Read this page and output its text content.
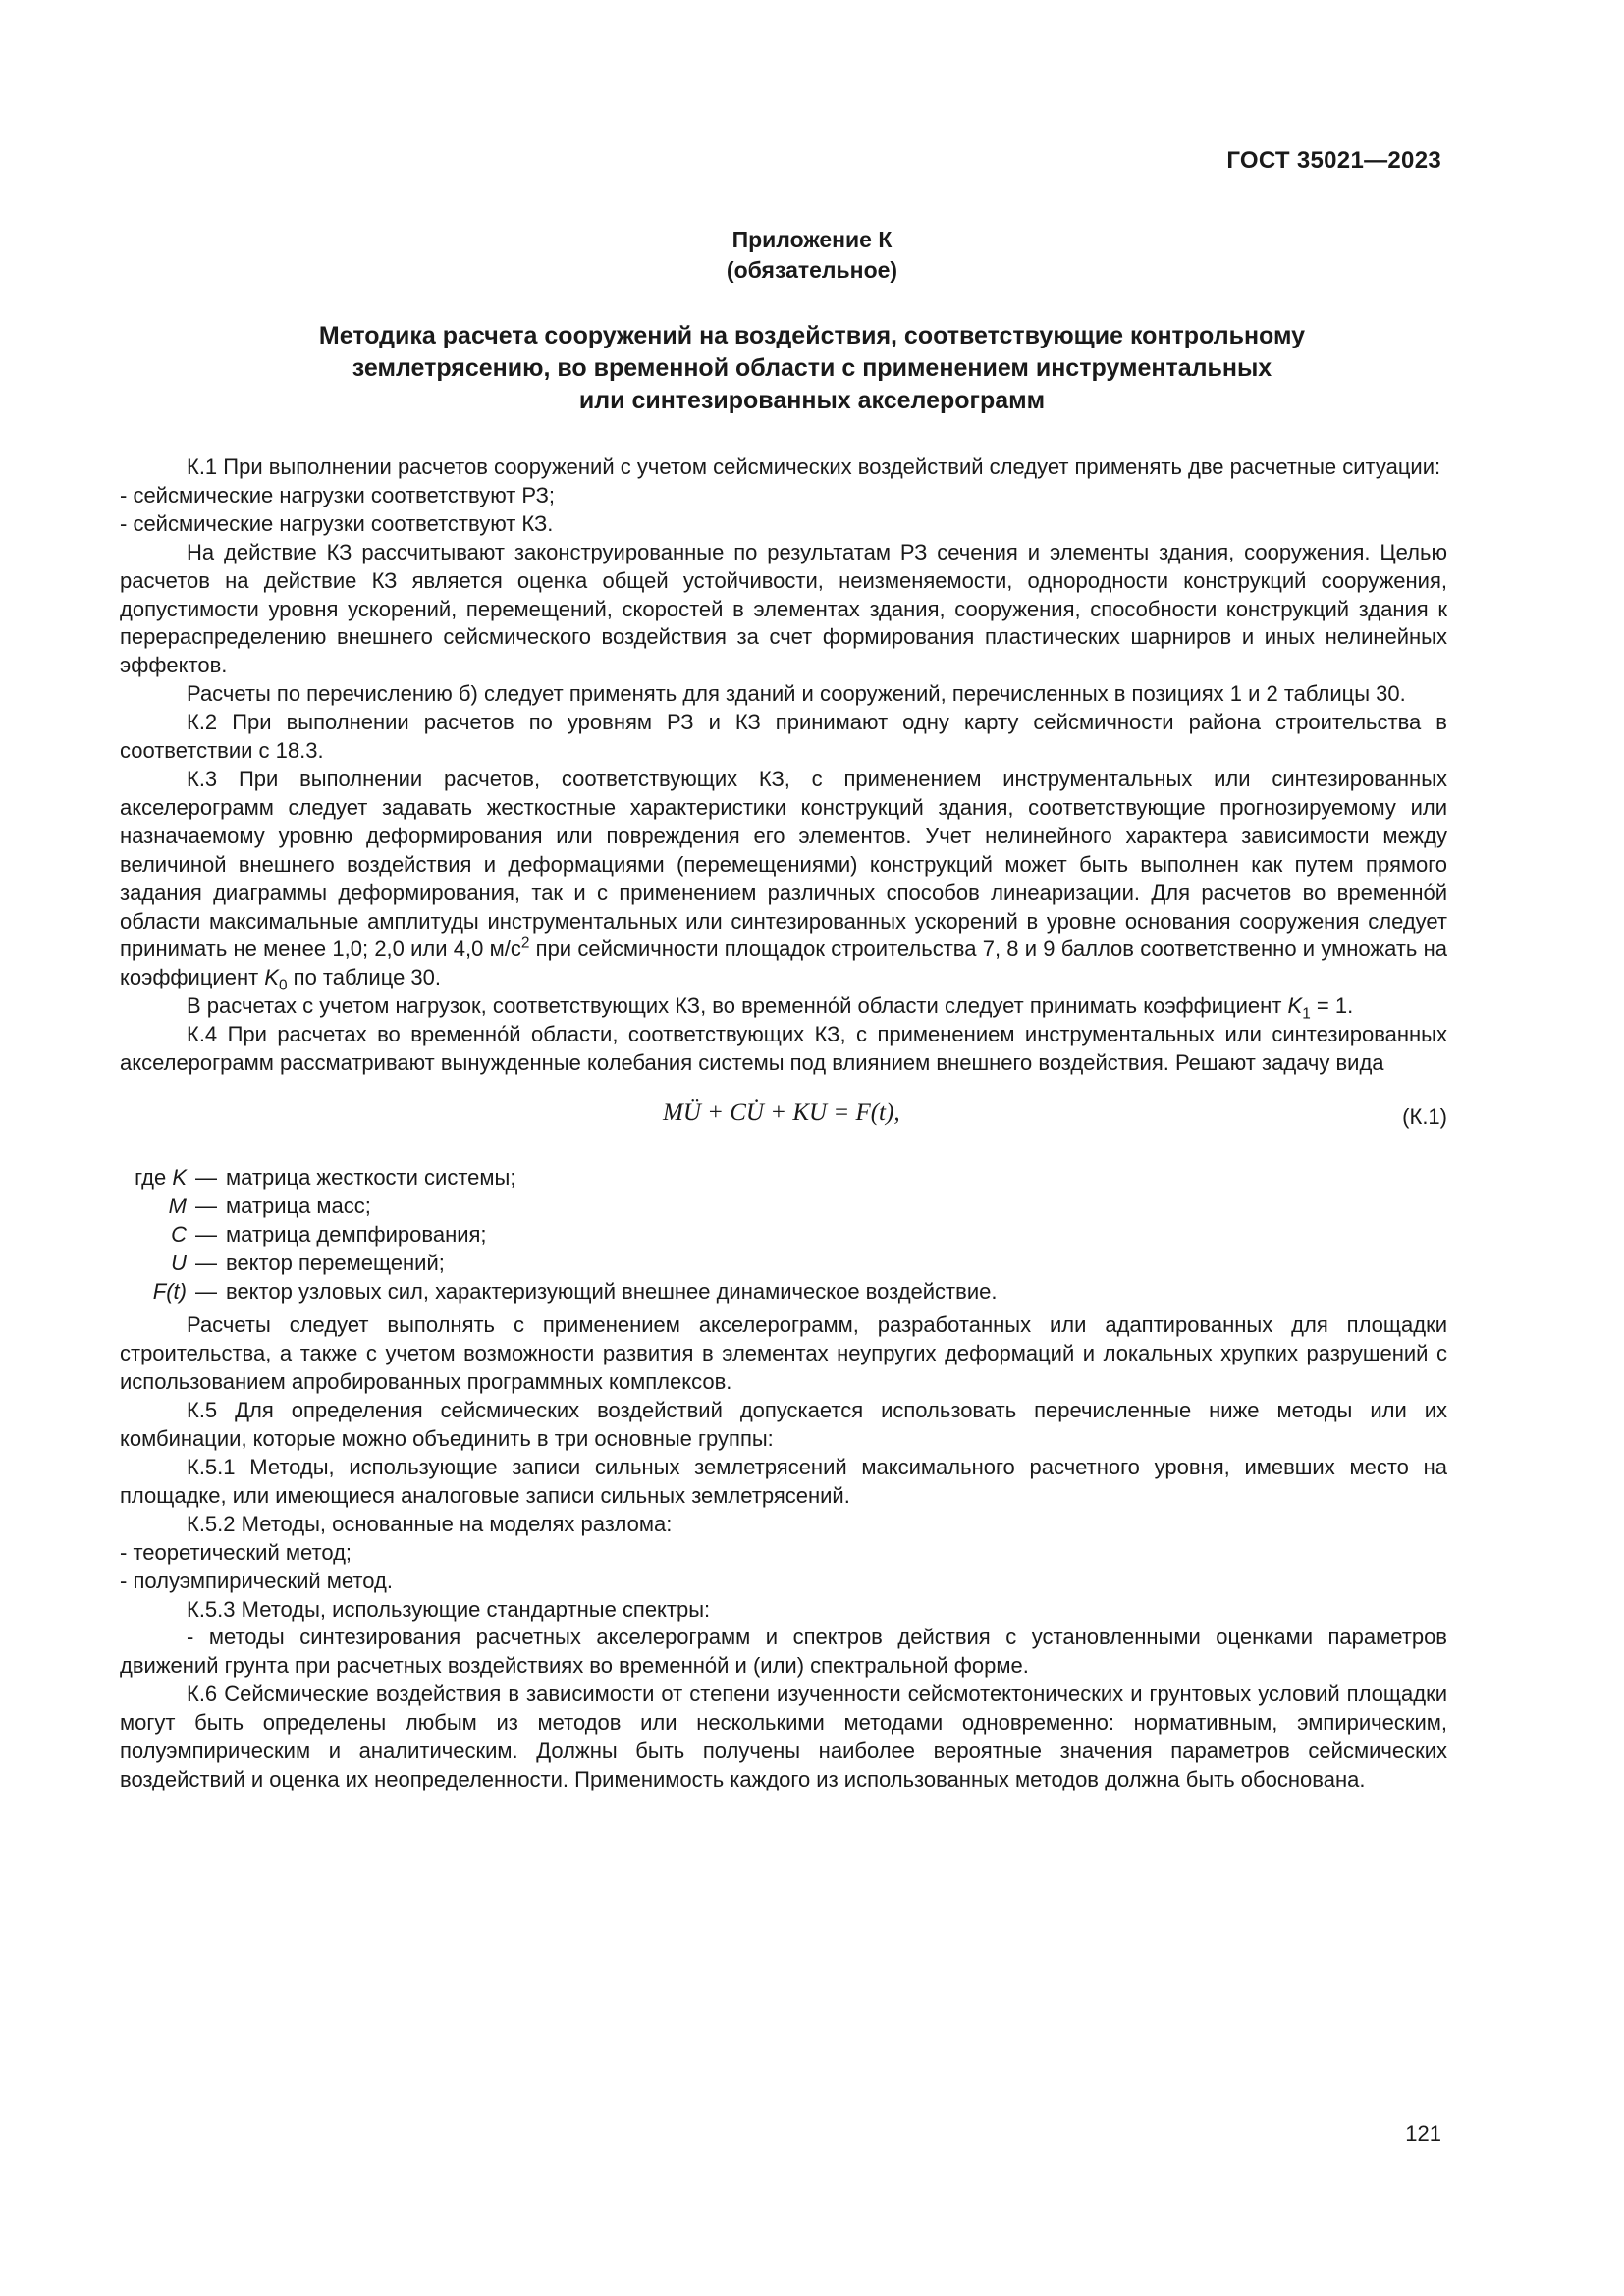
ГОСТ 35021—2023
Приложение К
(обязательное)
Методика расчета сооружений на воздействия, соответствующие контрольному
землетрясению, во временной области с применением инструментальных
или синтезированных акселерограмм

К.1 При выполнении расчетов сооружений с учетом сейсмических воздействий следует применять две расчетные ситуации:

- сейсмические нагрузки соответствуют РЗ;

- сейсмические нагрузки соответствуют КЗ.

На действие КЗ рассчитывают законструированные по результатам РЗ сечения и элементы здания, сооружения. Целью расчетов на действие КЗ является оценка общей устойчивости, неизменяемости, однородности конструкций сооружения, допустимости уровня ускорений, перемещений, скоростей в элементах здания, сооружения, способности конструкций здания к перераспределению внешнего сейсмического воздействия за счет формирования пластических шарниров и иных нелинейных эффектов.

Расчеты по перечислению б) следует применять для зданий и сооружений, перечисленных в позициях 1 и 2 таблицы 30.

К.2 При выполнении расчетов по уровням РЗ и КЗ принимают одну карту сейсмичности района строительства в соответствии с 18.3.

К.3 При выполнении расчетов, соответствующих КЗ, с применением инструментальных или синтезированных акселерограмм следует задавать жесткостные характеристики конструкций здания, соответствующие прогнозируемому или назначаемому уровню деформирования или повреждения его элементов. Учет нелинейного характера зависимости между величиной внешнего воздействия и деформациями (перемещениями) конструкций может быть выполнен как путем прямого задания диаграммы деформирования, так и с применением различных способов линеаризации. Для расчетов во временно́й области максимальные амплитуды инструментальных или синтезированных ускорений в уровне основания сооружения следует принимать не менее 1,0; 2,0 или 4,0 $м/с^2$ при сейсмичности площадок строительства 7, 8 и 9 баллов соответственно и умножать на коэффициент $K_0$ по таблице 30.

В расчетах с учетом нагрузок, соответствующих КЗ, во временно́й области следует принимать коэффициент $K_1 = 1$.

К.4 При расчетах во временно́й области, соответствующих КЗ, с применением инструментальных или синтезированных акселерограмм рассматривают вынужденные колебания системы под влиянием внешнего воздействия. Решают задачу вида

MÜ + CU̇ + KU = F(t),	(К.1)
где K — матрица жесткости системы;
M — матрица масс;
C — матрица демпфирования;
U — вектор перемещений;
F(t) — вектор узловых сил, характеризующий внешнее динамическое воздействие.

Расчеты следует выполнять с применением акселерограмм, разработанных или адаптированных для площадки строительства, а также с учетом возможности развития в элементах неупругих деформаций и локальных хрупких разрушений с использованием апробированных программных комплексов.

К.5 Для определения сейсмических воздействий допускается использовать перечисленные ниже методы или их комбинации, которые можно объединить в три основные группы:

К.5.1 Методы, использующие записи сильных землетрясений максимального расчетного уровня, имевших место на площадке, или имеющиеся аналоговые записи сильных землетрясений.

К.5.2 Методы, основанные на моделях разлома:

- теоретический метод;

- полуэмпирический метод.

К.5.3 Методы, использующие стандартные спектры:

- методы синтезирования расчетных акселерограмм и спектров действия с установленными оценками параметров движений грунта при расчетных воздействиях во временно́й и (или) спектральной форме.

К.6 Сейсмические воздействия в зависимости от степени изученности сейсмотектонических и грунтовых условий площадки могут быть определены любым из методов или несколькими методами одновременно: нормативным, эмпирическим, полуэмпирическим и аналитическим. Должны быть получены наиболее вероятные значения параметров сейсмических воздействий и оценка их неопределенности. Применимость каждого из использованных методов должна быть обоснована.

121
